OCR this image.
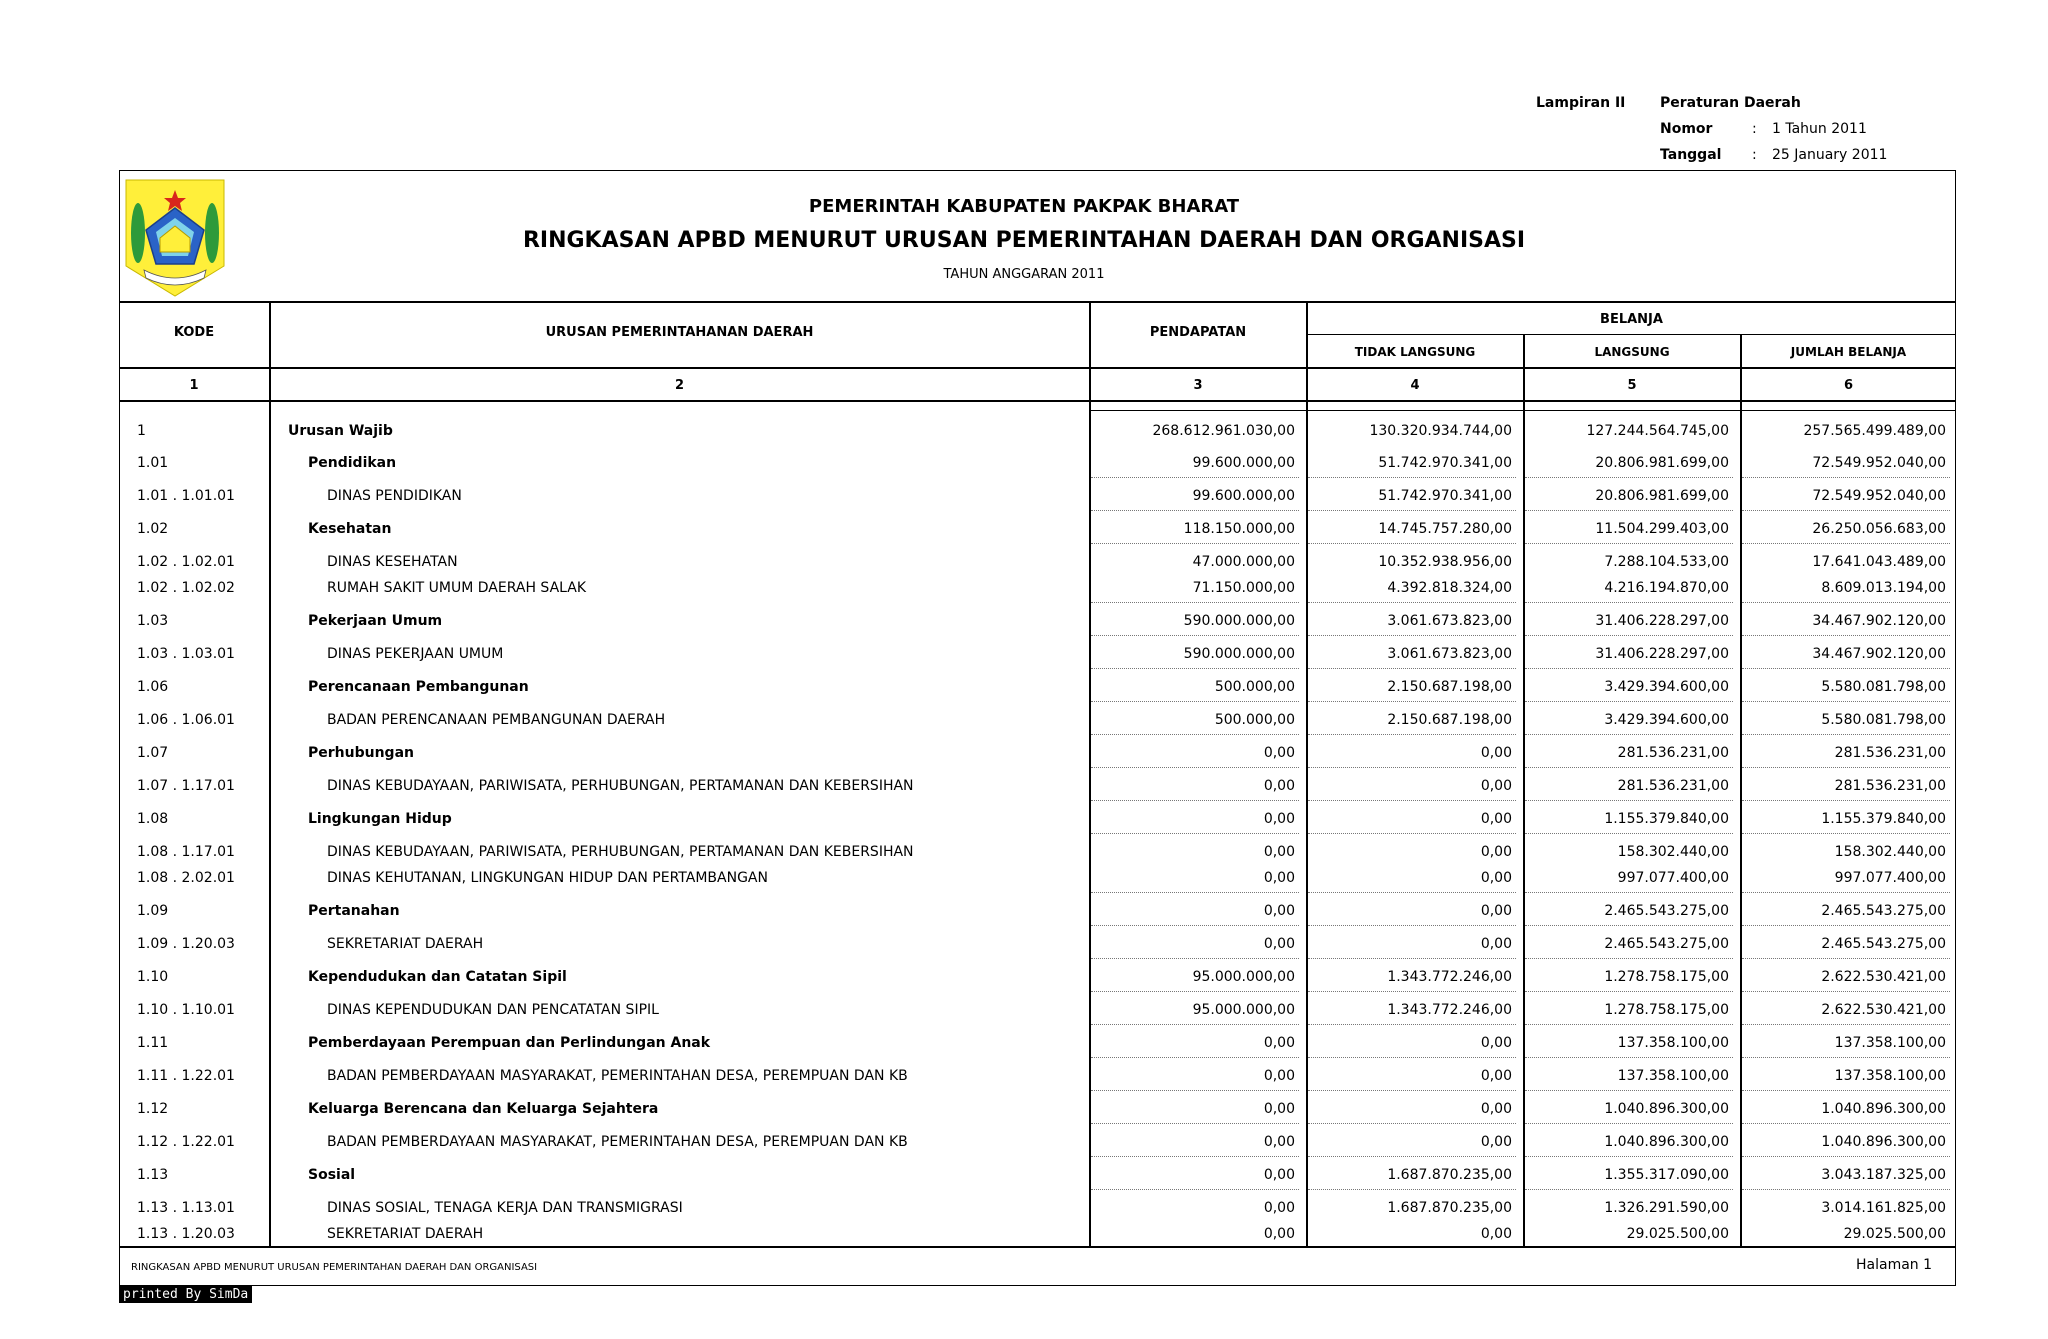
Lampiran II Peraturan Daerah
Nomor	: 1 Tahun 2011
Tanggal : 25 January 2011
PEMERINTAH KABUPATEN PAKPAK BHARAT
RINGKASAN APBD MENURUT URUSAN PEMERINTAHAN DAERAH DAN ORGANISASI
TAHUN ANGGARAN 2011
KODE	URUSAN PEMERINTAHANAN DAERAH	PENDAPATAN
BELANJA
TIDAK LANGSUNG	LANGSUNG	JUMLAH BELANJA
1	2	3	4	5	6
1	Urusan Wajib	268.612.961.030,00	130.320.934.744,00	127.244.564.745,00	257.565.499.489,00
1.01	Pendidikan	99.600.000,00	51.742.970.341,00	20.806.981.699,00	72.549.952.040,00
1.01 . 1.01.01	DINAS PENDIDIKAN	99.600.000,00	51.742.970.341,00	20.806.981.699,00	72.549.952.040,00
1.02	Kesehatan	118.150.000,00	14.745.757.280,00	11.504.299.403,00	26.250.056.683,00
1.02 . 1.02.01	DINAS KESEHATAN	47.000.000,00	10.352.938.956,00	7.288.104.533,00	17.641.043.489,00
1.02 . 1.02.02	RUMAH SAKIT UMUM DAERAH SALAK	71.150.000,00	4.392.818.324,00	4.216.194.870,00	8.609.013.194,00
1.03	Pekerjaan Umum	590.000.000,00	3.061.673.823,00	31.406.228.297,00	34.467.902.120,00
1.03 . 1.03.01	DINAS PEKERJAAN UMUM	590.000.000,00	3.061.673.823,00	31.406.228.297,00	34.467.902.120,00
1.06	Perencanaan Pembangunan	500.000,00	2.150.687.198,00	3.429.394.600,00	5.580.081.798,00
1.06 . 1.06.01	BADAN PERENCANAAN PEMBANGUNAN DAERAH	500.000,00	2.150.687.198,00	3.429.394.600,00	5.580.081.798,00
1.07	Perhubungan	0,00	0,00	281.536.231,00	281.536.231,00
1.07 . 1.17.01	DINAS KEBUDAYAAN, PARIWISATA, PERHUBUNGAN, PERTAMANAN DAN KEBERSIHAN	0,00	0,00	281.536.231,00	281.536.231,00
1.08	Lingkungan Hidup	0,00	0,00	1.155.379.840,00	1.155.379.840,00
1.08 . 1.17.01	DINAS KEBUDAYAAN, PARIWISATA, PERHUBUNGAN, PERTAMANAN DAN KEBERSIHAN	0,00	0,00	158.302.440,00	158.302.440,00
1.08 . 2.02.01	DINAS KEHUTANAN, LINGKUNGAN HIDUP DAN PERTAMBANGAN	0,00	0,00	997.077.400,00	997.077.400,00
1.09	Pertanahan	0,00	0,00	2.465.543.275,00	2.465.543.275,00
1.09 . 1.20.03	SEKRETARIAT DAERAH	0,00	0,00	2.465.543.275,00	2.465.543.275,00
1.10	Kependudukan dan Catatan Sipil	95.000.000,00	1.343.772.246,00	1.278.758.175,00	2.622.530.421,00
1.10 . 1.10.01	DINAS KEPENDUDUKAN DAN PENCATATAN SIPIL	95.000.000,00	1.343.772.246,00	1.278.758.175,00	2.622.530.421,00
1.11	Pemberdayaan Perempuan dan Perlindungan Anak	0,00	0,00	137.358.100,00	137.358.100,00
1.11 . 1.22.01	BADAN PEMBERDAYAAN MASYARAKAT, PEMERINTAHAN DESA, PEREMPUAN DAN KB	0,00	0,00	137.358.100,00	137.358.100,00
1.12	Keluarga Berencana dan Keluarga Sejahtera	0,00	0,00	1.040.896.300,00	1.040.896.300,00
1.12 . 1.22.01	BADAN PEMBERDAYAAN MASYARAKAT, PEMERINTAHAN DESA, PEREMPUAN DAN KB	0,00	0,00	1.040.896.300,00	1.040.896.300,00
1.13	Sosial	0,00	1.687.870.235,00	1.355.317.090,00	3.043.187.325,00
1.13 . 1.13.01	DINAS SOSIAL, TENAGA KERJA DAN TRANSMIGRASI	0,00	1.687.870.235,00	1.326.291.590,00	3.014.161.825,00
1.13 . 1.20.03	SEKRETARIAT DAERAH	0,00	0,00	29.025.500,00	29.025.500,00
RINGKASAN APBD MENURUT URUSAN PEMERINTAHAN DAERAH DAN ORGANISASI	Halaman 1
printed By SimDa
